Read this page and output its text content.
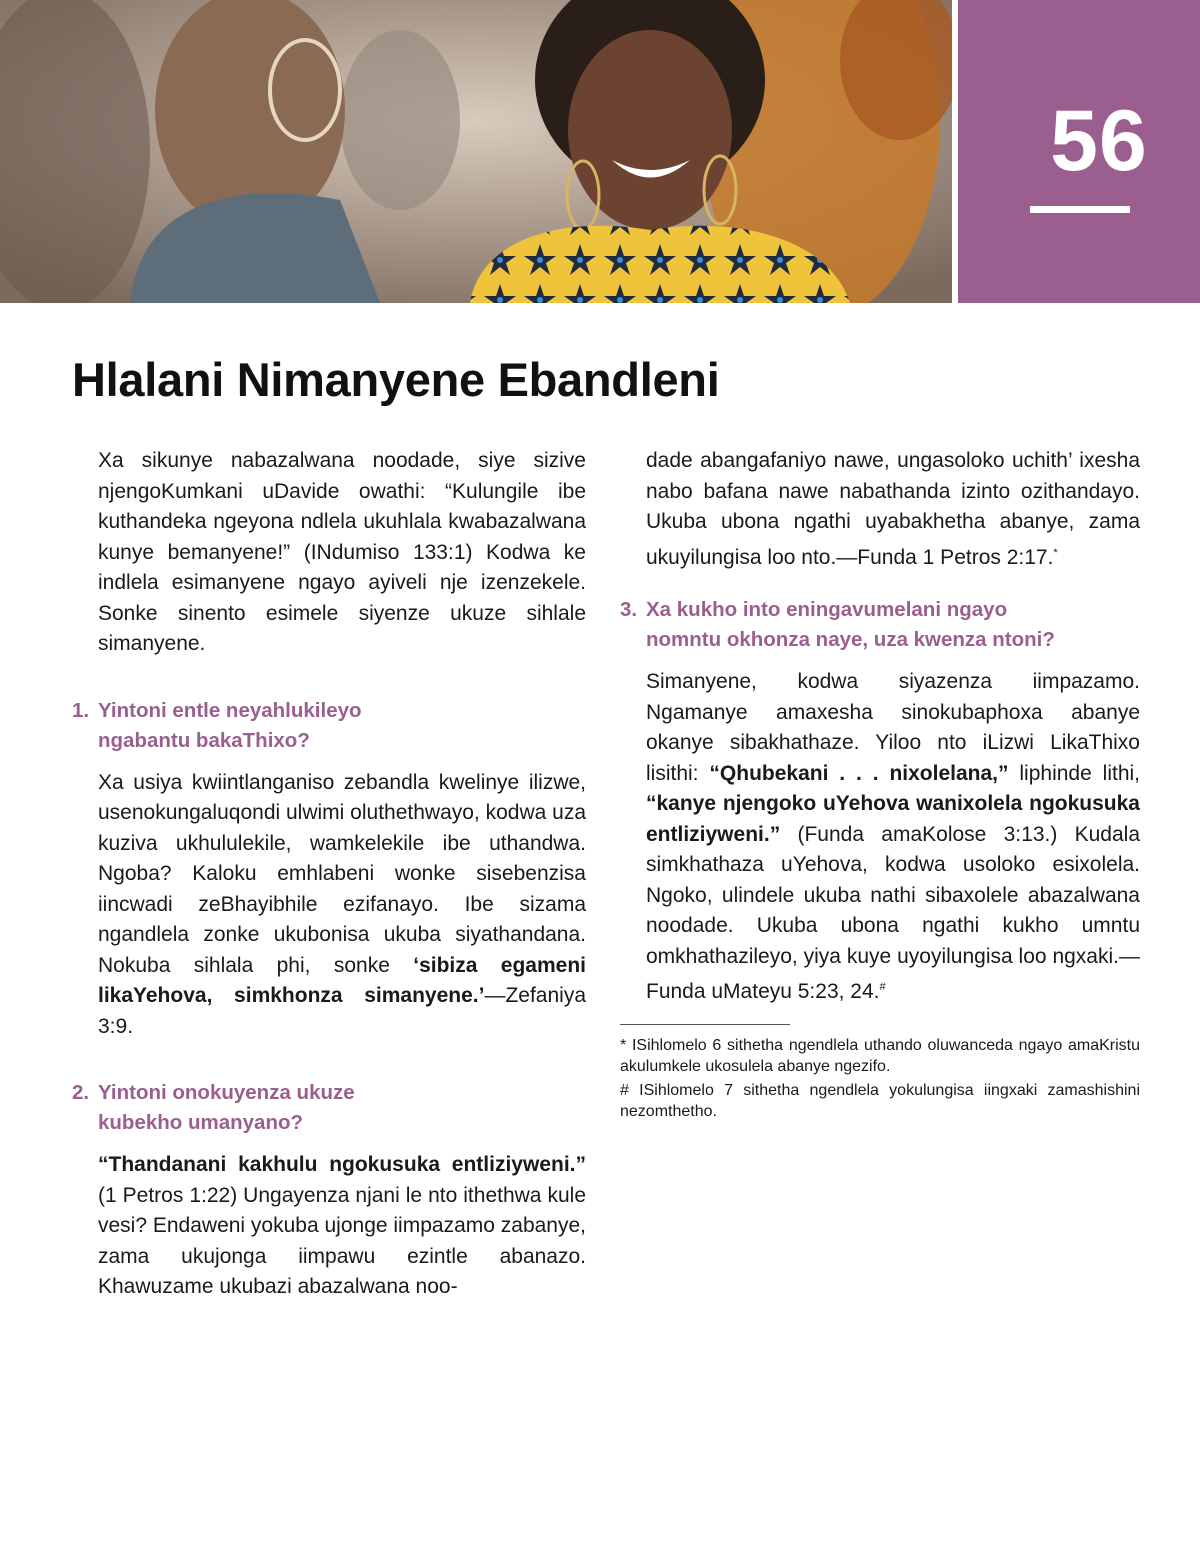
56
Hlalani Nimanyene Ebandleni

Xa sikunye nabazalwana noodade, siye sizive njengoKumkani uDavide owathi: “Kulungile ibe kuthandeka ngeyona ndlela ukuhlala kwabazalwana kunye bemanyene!” (INdumiso 133:1) Kodwa ke indlela esimanyene ngayo ayiveli nje izenzekele. Sonke sinento esimele siyenze ukuze sihlale simanyene.

1. Yintoni entle neyahlukileyo
ngabantu bakaThixo?

Xa usiya kwiintlanganiso zebandla kwelinye ilizwe, usenokungaluqondi ulwimi oluthethwayo, kodwa uza kuziva ukhululekile, wamkelekile ibe uthandwa. Ngoba? Kaloku emhlabeni wonke sisebenzisa iincwadi zeBhayibhile ezifanayo. Ibe sizama ngandlela zonke ukubonisa ukuba siyathandana. Nokuba sihlala phi, sonke ‘sibiza egameni likaYehova, simkhonza simanyene.’—Zefaniya 3:9.

2. Yintoni onokuyenza ukuze
kubekho umanyano?

“Thandanani kakhulu ngokusuka entliziyweni.” (1 Petros 1:22) Ungayenza njani le nto ithethwa kule vesi? Endaweni yokuba ujonge iimpazamo zabanye, zama ukujonga iimpawu ezintle abanazo. Khawuzame ukubazi abazalwana noo-

dade abangafaniyo nawe, ungasoloko uchith’ ixesha nabo bafana nawe nabathanda izinto ozithandayo. Ukuba ubona ngathi uyabakhetha abanye, zama ukuyilungisa loo nto.—Funda 1 Petros 2:17.*

3. Xa kukho into eningavumelani ngayo
nomntu okhonza naye, uza kwenza ntoni?

Simanyene, kodwa siyazenza iimpazamo. Ngamanye amaxesha sinokubaphoxa abanye okanye sibakhathaze. Yiloo nto iLizwi LikaThixo lisithi: “Qhubekani . . . nixolelana,” liphinde lithi, “kanye njengoko uYehova wanixolela ngokusuka entliziyweni.” (Funda amaKolose 3:13.) Kudala simkhathaza uYehova, kodwa usoloko esixolela. Ngoko, ulindele ukuba nathi sibaxolele abazalwana noodade. Ukuba ubona ngathi kukho umntu omkhathazileyo, yiya kuye uyoyilungisa loo ngxaki.—Funda uMateyu 5:23, 24.#

* ISihlomelo 6 sithetha ngendlela uthando oluwanceda ngayo amaKristu akulumkele ukosulela abanye ngezifo.

# ISihlomelo 7 sithetha ngendlela yokulungisa iingxaki zamashishini nezomthetho.
